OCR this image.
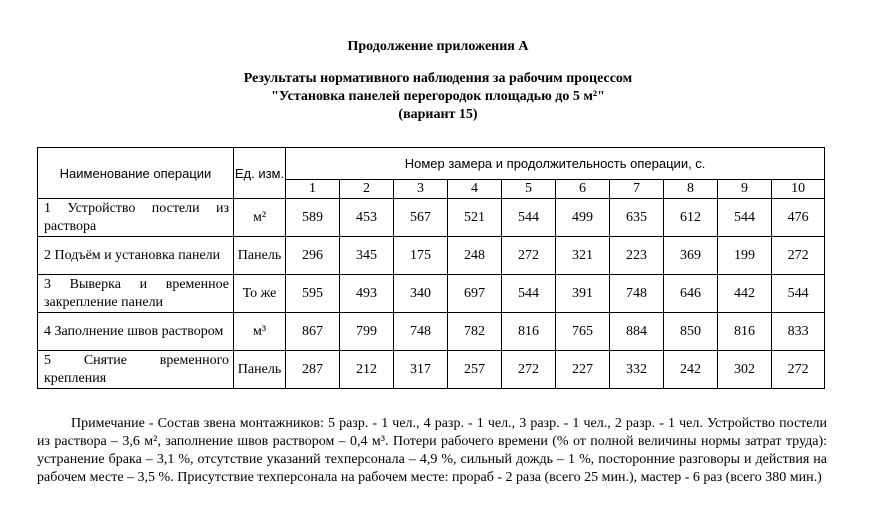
Продолжение приложения А
Результаты нормативного наблюдения за рабочим процессом
"Установка панелей перегородок площадью до 5 м²"
(вариант 15)
Наименование операции	Ед. изм.	Номер замера и продолжительность операции, с.									
		1	2	3	4	5	6	7	8	9	10
1 Устройство постели из раствора	м²	589	453	567	521	544	499	635	612	544	476
2 Подъём и установка панели	Панель	296	345	175	248	272	321	223	369	199	272
3 Выверка и временное закрепление панели	То же	595	493	340	697	544	391	748	646	442	544
4 Заполнение швов раствором	м³	867	799	748	782	816	765	884	850	816	833
5 Снятие временного крепления	Панель	287	212	317	257	272	227	332	242	302	272

Примечание - Состав звена монтажников: 5 разр. - 1 чел., 4 разр. - 1 чел., 3 разр. - 1 чел., 2 разр. - 1 чел. Устройство постели из раствора – 3,6 м², заполнение швов раствором – 0,4 м³. Потери рабочего времени (% от полной величины нормы затрат труда): устранение брака – 3,1 %, отсутствие указаний техперсонала – 4,9 %, сильный дождь – 1 %, посторонние разговоры и действия на рабочем месте – 3,5 %. Присутствие техперсонала на рабочем месте: прораб - 2 раза (всего 25 мин.), мастер - 6 раз (всего 380 мин.)
